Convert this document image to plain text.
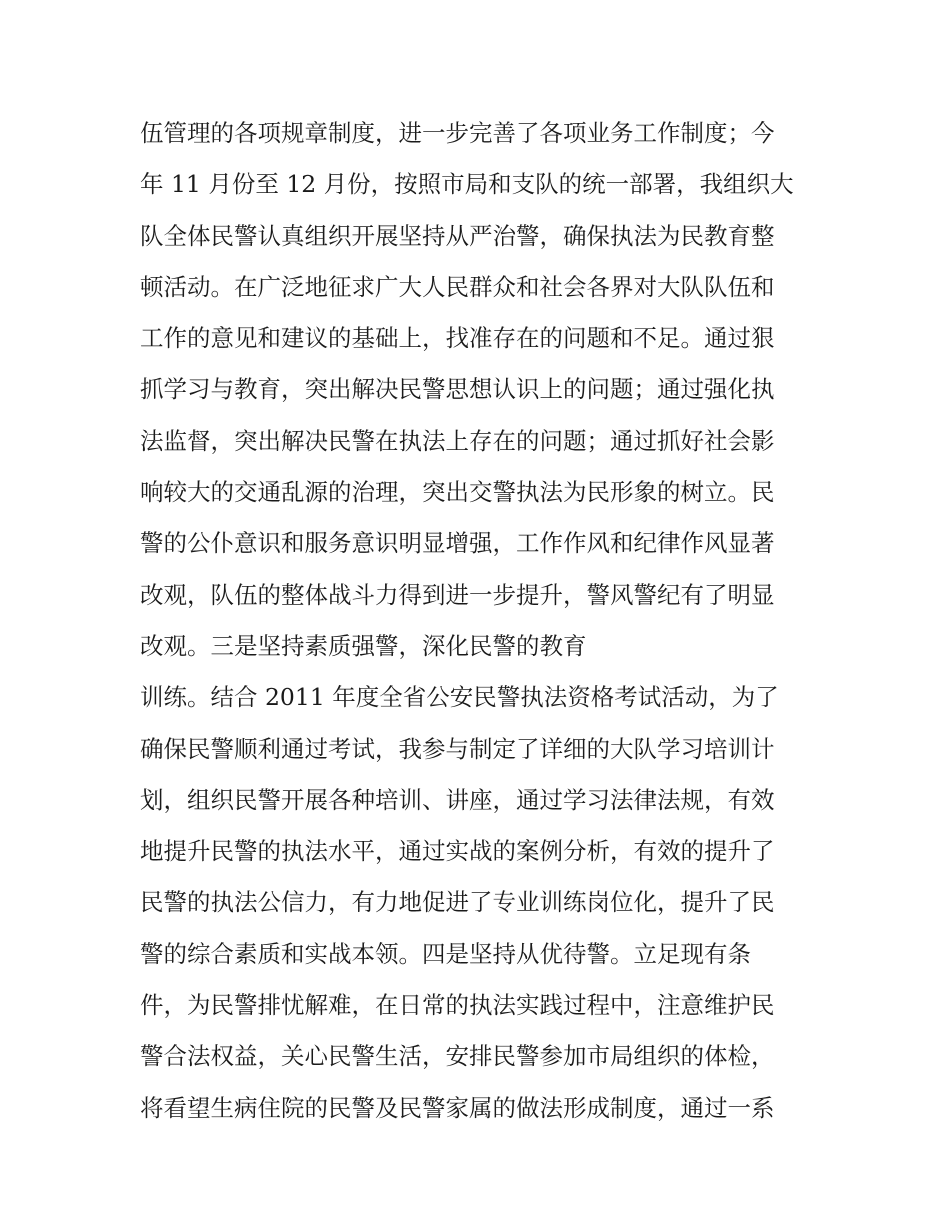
伍管理的各项规章制度，进一步完善了各项业务工作制度；今
年 11 月份至 12 月份，按照市局和支队的统一部署，我组织大
队全体民警认真组织开展坚持从严治警，确保执法为民教育整
顿活动。在广泛地征求广大人民群众和社会各界对大队队伍和
工作的意见和建议的基础上，找准存在的问题和不足。通过狠
抓学习与教育，突出解决民警思想认识上的问题；通过强化执
法监督，突出解决民警在执法上存在的问题；通过抓好社会影
响较大的交通乱源的治理，突出交警执法为民形象的树立。民
警的公仆意识和服务意识明显增强，工作作风和纪律作风显著
改观，队伍的整体战斗力得到进一步提升，警风警纪有了明显
改观。三是坚持素质强警，深化民警的教育
训练。结合 2011 年度全省公安民警执法资格考试活动，为了
确保民警顺利通过考试，我参与制定了详细的大队学习培训计
划，组织民警开展各种培训、讲座，通过学习法律法规，有效
地提升民警的执法水平，通过实战的案例分析，有效的提升了
民警的执法公信力，有力地促进了专业训练岗位化，提升了民
警的综合素质和实战本领。四是坚持从优待警。立足现有条
件，为民警排忧解难，在日常的执法实践过程中，注意维护民
警合法权益，关心民警生活，安排民警参加市局组织的体检，
将看望生病住院的民警及民警家属的做法形成制度，通过一系
